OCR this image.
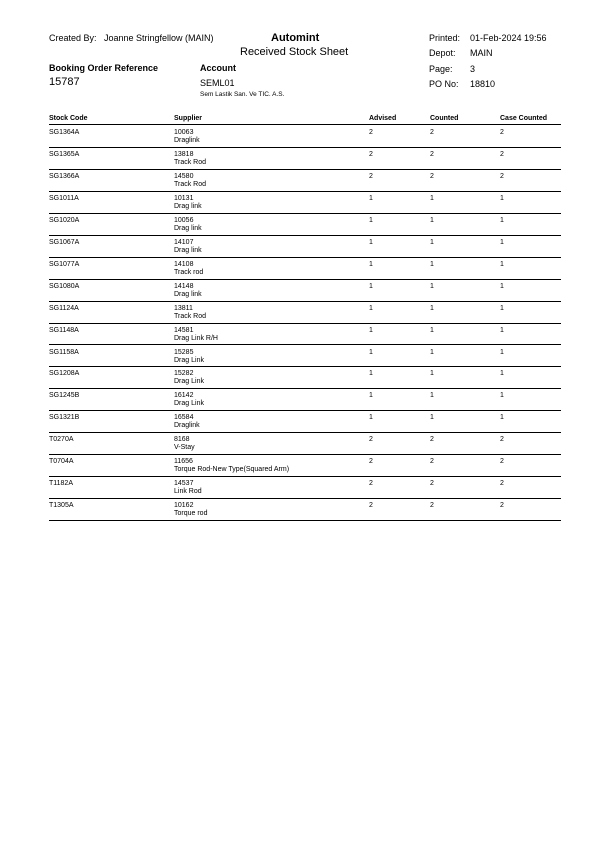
Created By: Joanne Stringfellow (MAIN)	Automint
Received Stock Sheet
Printed: 01-Feb-2024 19:56
Depot: MAIN
Page: 3
Booking Order Reference
15787
Account
SEML01
Sem Lastik San. Ve TIC. A.S.
PO No: 18810
Stock Code	Supplier	Advised	Counted	Case Counted
SG1364A	10063	2	2	2
Draglink
SG1365A	13818	2	2	2
Track Rod
SG1366A	14580	2	2	2
Track Rod
SG1011A	10131	1	1	1
Drag link
SG1020A	10056	1	1	1
Drag link
SG1067A	14107	1	1	1
Drag link
SG1077A	14108	1	1	1
Track rod
SG1080A	14148	1	1	1
Drag link
SG1124A	13811	1	1	1
Track Rod
SG1148A	14581	1	1	1
Drag Link R/H
SG1158A	15285	1	1	1
Drag Link
SG1208A	15282	1	1	1
Drag Link
SG1245B	16142	1	1	1
Drag Link
SG1321B	16584	1	1	1
Draglink
T0270A	8168	2	2	2
V-Stay
T0704A	11656	2	2	2
Torque Rod-New Type(Squared Arm)
T1182A	14537	2	2	2
Link Rod
T1305A	10162	2	2	2
Torque rod
